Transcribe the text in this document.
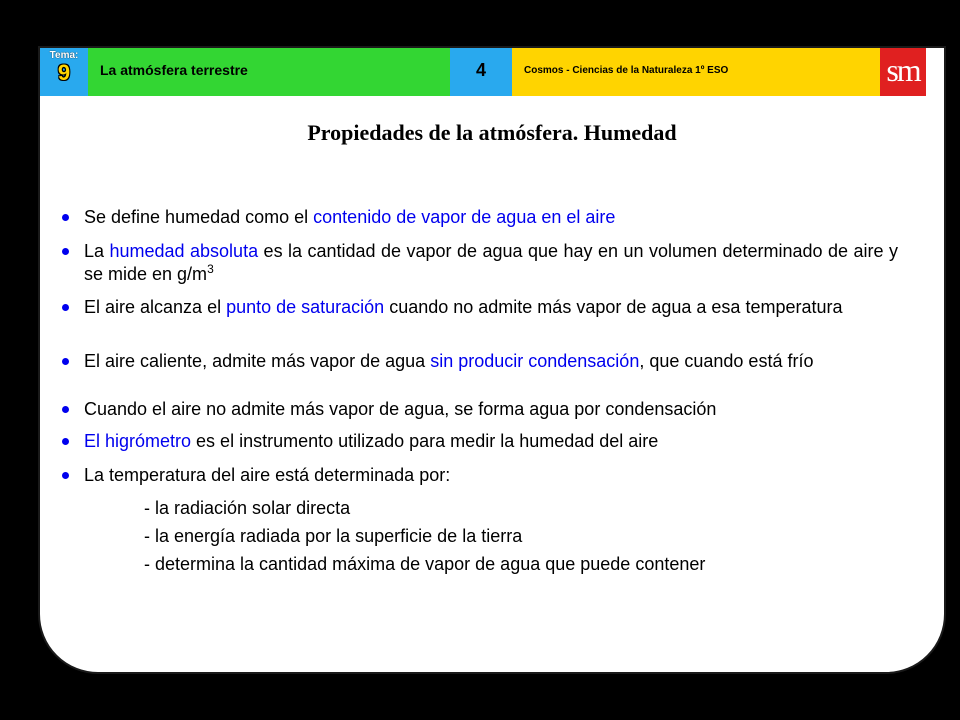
Tema:
9	La atmósfera terrestre	4	Cosmos - Ciencias de la Naturaleza 1º ESO	sm
Propiedades de la atmósfera. Humedad
Se define humedad como el contenido de vapor de agua en el aire
La humedad absoluta es la cantidad de vapor de agua que hay en un volumen determinado de aire y se mide en $g/m^3$
El aire alcanza el punto de saturación cuando no admite más vapor de agua a esa temperatura
El aire caliente, admite más vapor de agua sin producir condensación, que cuando está frío
Cuando el aire no admite más vapor de agua, se forma agua por condensación
El higrómetro es el instrumento utilizado para medir la humedad del aire
La temperatura del aire está determinada por:
- la radiación solar directa
- la energía radiada por la superficie de la tierra
- determina la cantidad máxima de vapor de agua que puede contener
